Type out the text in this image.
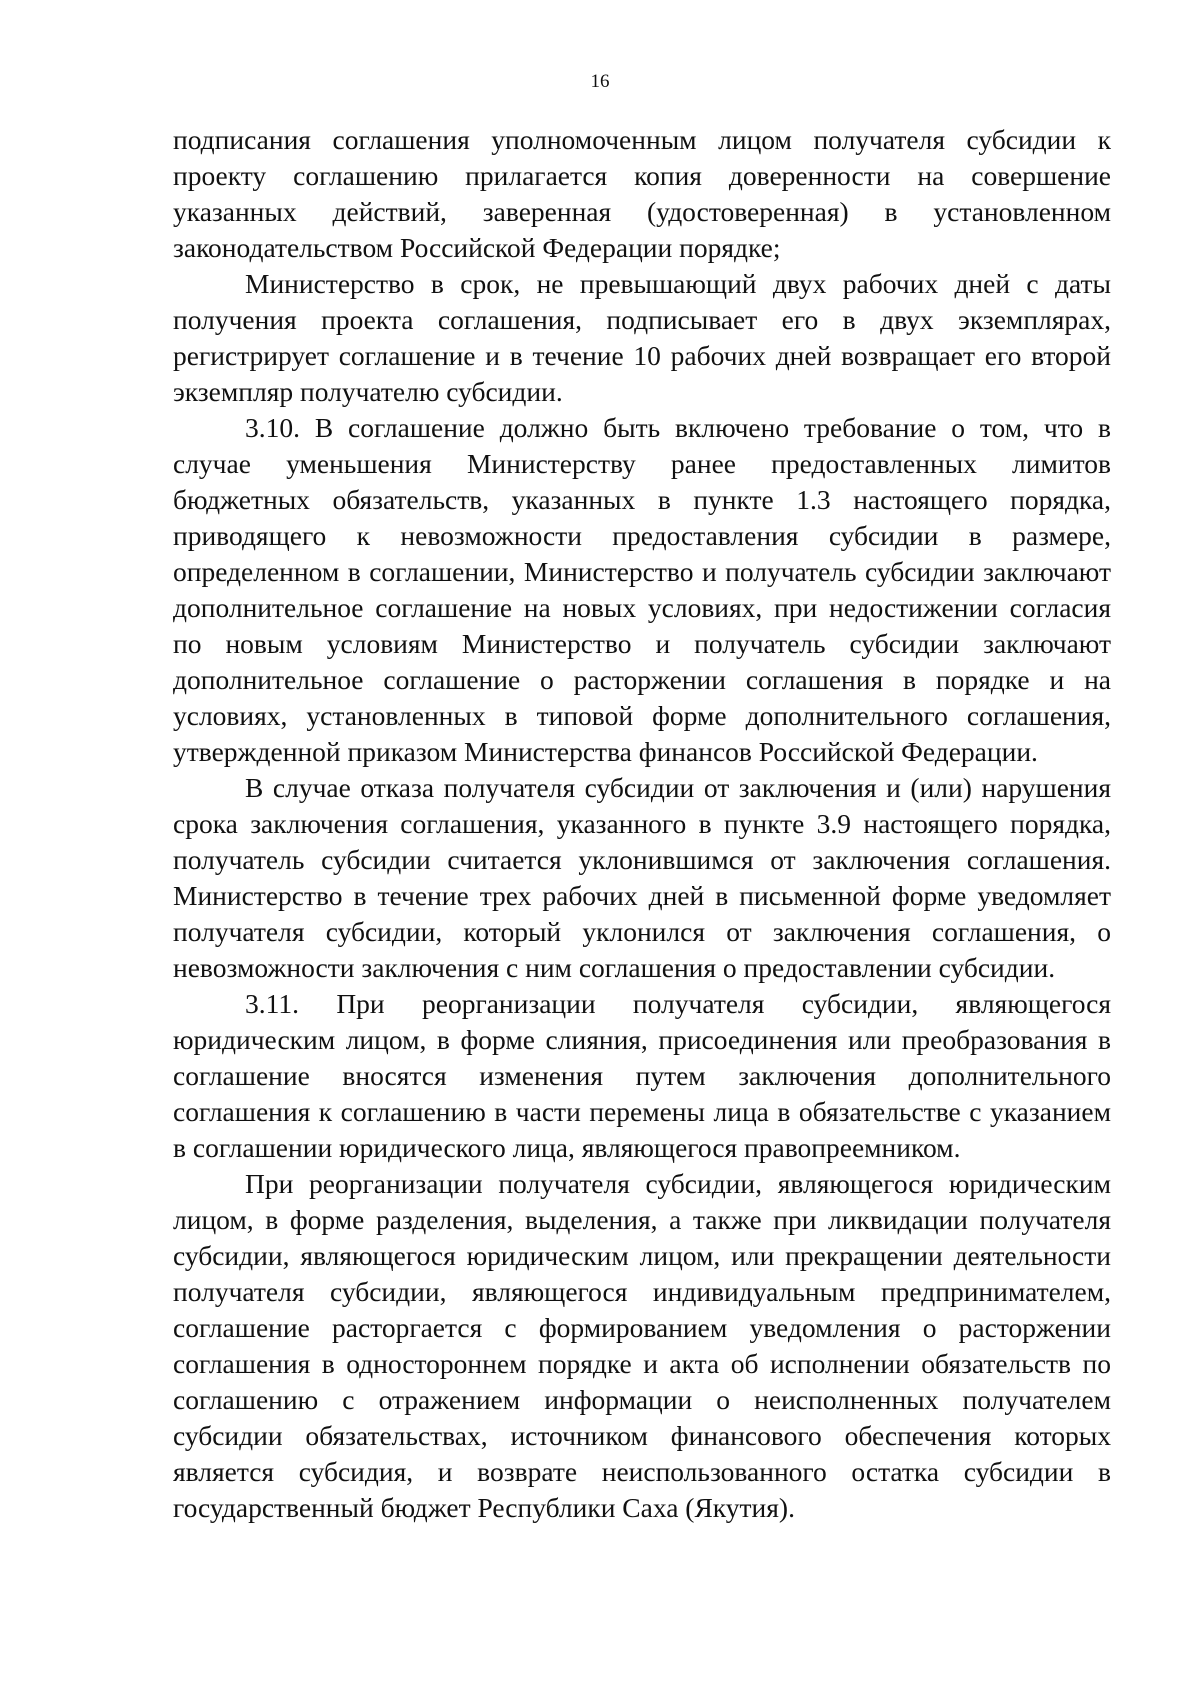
16

подписания соглашения уполномоченным лицом получателя субсидии к проекту соглашению прилагается копия доверенности на совершение указанных действий, заверенная (удостоверенная) в установленном законодательством Российской Федерации порядке;

Министерство в срок, не превышающий двух рабочих дней с даты получения проекта соглашения, подписывает его в двух экземплярах, регистрирует соглашение и в течение 10 рабочих дней возвращает его второй экземпляр получателю субсидии.

3.10. В соглашение должно быть включено требование о том, что в случае уменьшения Министерству ранее предоставленных лимитов бюджетных обязательств, указанных в пункте 1.3 настоящего порядка, приводящего к невозможности предоставления субсидии в размере, определенном в соглашении, Министерство и получатель субсидии заключают дополнительное соглашение на новых условиях, при недостижении согласия по новым условиям Министерство и получатель субсидии заключают дополнительное соглашение о расторжении соглашения в порядке и на условиях, установленных в типовой форме дополнительного соглашения, утвержденной приказом Министерства финансов Российской Федерации.

В случае отказа получателя субсидии от заключения и (или) нарушения срока заключения соглашения, указанного в пункте 3.9 настоящего порядка, получатель субсидии считается уклонившимся от заключения соглашения. Министерство в течение трех рабочих дней в письменной форме уведомляет получателя субсидии, который уклонился от заключения соглашения, о невозможности заключения с ним соглашения о предоставлении субсидии.

3.11. При реорганизации получателя субсидии, являющегося юридическим лицом, в форме слияния, присоединения или преобразования в соглашение вносятся изменения путем заключения дополнительного соглашения к соглашению в части перемены лица в обязательстве с указанием в соглашении юридического лица, являющегося правопреемником.

При реорганизации получателя субсидии, являющегося юридическим лицом, в форме разделения, выделения, а также при ликвидации получателя субсидии, являющегося юридическим лицом, или прекращении деятельности получателя субсидии, являющегося индивидуальным предпринимателем, соглашение расторгается с формированием уведомления о расторжении соглашения в одностороннем порядке и акта об исполнении обязательств по соглашению с отражением информации о неисполненных получателем субсидии обязательствах, источником финансового обеспечения которых является субсидия, и возврате неиспользованного остатка субсидии в государственный бюджет Республики Саха (Якутия).
